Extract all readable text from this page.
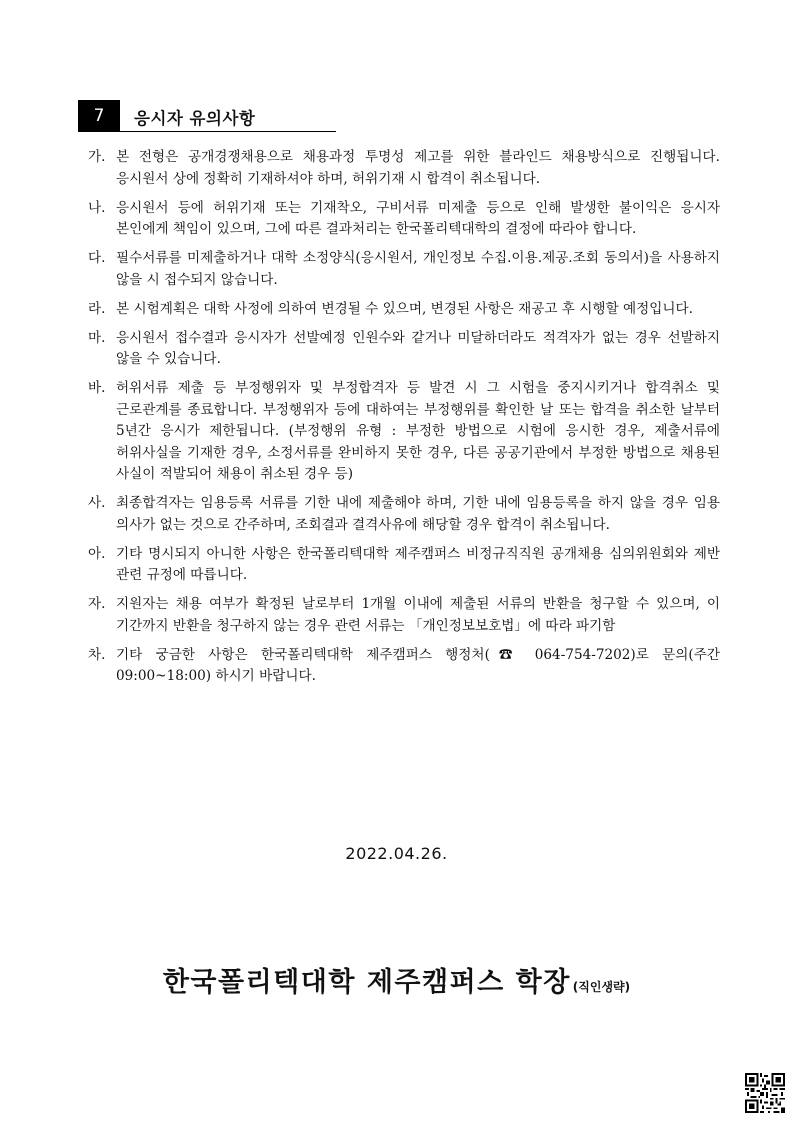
7	응시자 유의사항
가. 본 전형은 공개경쟁채용으로 채용과정 투명성 제고를 위한 블라인드 채용방식으로 진행됩니다. 응시원서 상에 정확히 기재하셔야 하며, 허위기재 시 합격이 취소됩니다.
나. 응시원서 등에 허위기재 또는 기재착오, 구비서류 미제출 등으로 인해 발생한 불이익은 응시자 본인에게 책임이 있으며, 그에 따른 결과처리는 한국폴리텍대학의 결정에 따라야 합니다.
다. 필수서류를 미제출하거나 대학 소정양식(응시원서, 개인정보 수집.이용.제공.조회 동의서)을 사용하지 않을 시 접수되지 않습니다.
라. 본 시험계획은 대학 사정에 의하여 변경될 수 있으며, 변경된 사항은 재공고 후 시행할 예정입니다.
마. 응시원서 접수결과 응시자가 선발예정 인원수와 같거나 미달하더라도 적격자가 없는 경우 선발하지 않을 수 있습니다.
바. 허위서류 제출 등 부정행위자 및 부정합격자 등 발견 시 그 시험을 중지시키거나 합격취소 및 근로관계를 종료합니다. 부정행위자 등에 대하여는 부정행위를 확인한 날 또는 합격을 취소한 날부터 5년간 응시가 제한됩니다. (부정행위 유형 : 부정한 방법으로 시험에 응시한 경우, 제출서류에 허위사실을 기재한 경우, 소정서류를 완비하지 못한 경우, 다른 공공기관에서 부정한 방법으로 채용된 사실이 적발되어 채용이 취소된 경우 등)
사. 최종합격자는 임용등록 서류를 기한 내에 제출해야 하며, 기한 내에 임용등록을 하지 않을 경우 임용 의사가 없는 것으로 간주하며, 조회결과 결격사유에 해당할 경우 합격이 취소됩니다.
아. 기타 명시되지 아니한 사항은 한국폴리텍대학 제주캠퍼스 비정규직직원 공개채용 심의위원회와 제반 관련 규정에 따릅니다.
자. 지원자는 채용 여부가 확정된 날로부터 1개월 이내에 제출된 서류의 반환을 청구할 수 있으며, 이 기간까지 반환을 청구하지 않는 경우 관련 서류는 「개인정보보호법」에 따라 파기함
차. 기타 궁금한 사항은 한국폴리텍대학 제주캠퍼스 행정처(☎ 064-754-7202)로 문의(주간 09:00~18:00) 하시기 바랍니다.
2022.04.26.
한국폴리텍대학 제주캠퍼스 학장 (직인생략)
